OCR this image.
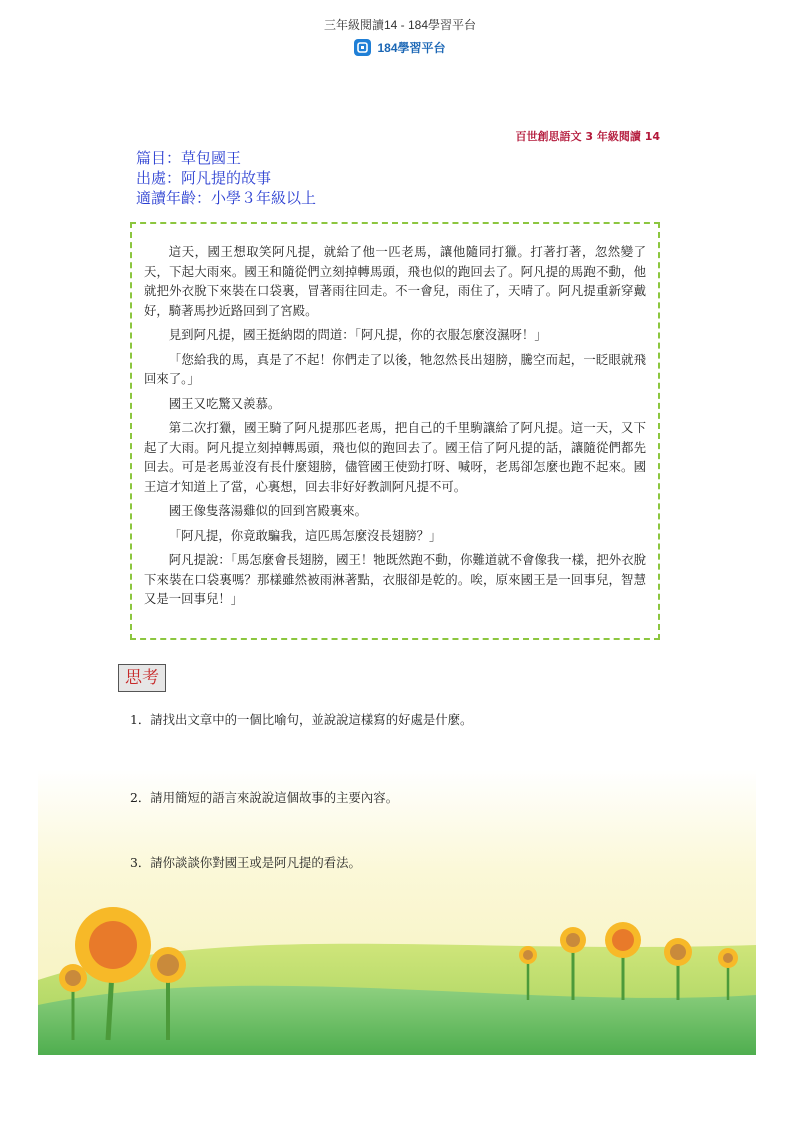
三年級閱讀14 - 184學習平台
184學習平台
百世創思語文 3 年級閱讀 14
篇目：草包國王
出處：阿凡提的故事
適讀年齡：小學３年級以上

這天，國王想取笑阿凡提，就給了他一匹老馬，讓他隨同打獵。打著打著，忽然變了天，下起大雨來。國王和隨從們立刻掉轉馬頭，飛也似的跑回去了。阿凡提的馬跑不動，他就把外衣脫下來裝在口袋裏，冒著雨往回走。不一會兒，雨住了，天晴了。阿凡提重新穿戴好，騎著馬抄近路回到了宮殿。

見到阿凡提，國王挺納悶的問道：「阿凡提，你的衣服怎麼沒濕呀！」

「您給我的馬，真是了不起！你們走了以後，牠忽然長出翅膀，騰空而起，一眨眼就飛回來了。」

國王又吃驚又羨慕。

第二次打獵，國王騎了阿凡提那匹老馬，把自己的千里駒讓給了阿凡提。這一天，又下起了大雨。阿凡提立刻掉轉馬頭，飛也似的跑回去了。國王信了阿凡提的話，讓隨從們都先回去。可是老馬並沒有長什麼翅膀，儘管國王使勁打呀、喊呀，老馬卻怎麼也跑不起來。國王這才知道上了當，心裏想，回去非好好教訓阿凡提不可。

國王像隻落湯雞似的回到宮殿裏來。

「阿凡提，你竟敢騙我，這匹馬怎麼沒長翅膀？」

阿凡提說：「馬怎麼會長翅膀，國王！牠既然跑不動，你難道就不會像我一樣，把外衣脫下來裝在口袋裏嗎？那樣雖然被雨淋著點，衣服卻是乾的。唉，原來國王是一回事兒，智慧又是一回事兒！」

思考
1．請找出文章中的一個比喻句，並說說這樣寫的好處是什麼。
2．請用簡短的語言來說說這個故事的主要內容。
3．請你談談你對國王或是阿凡提的看法。
